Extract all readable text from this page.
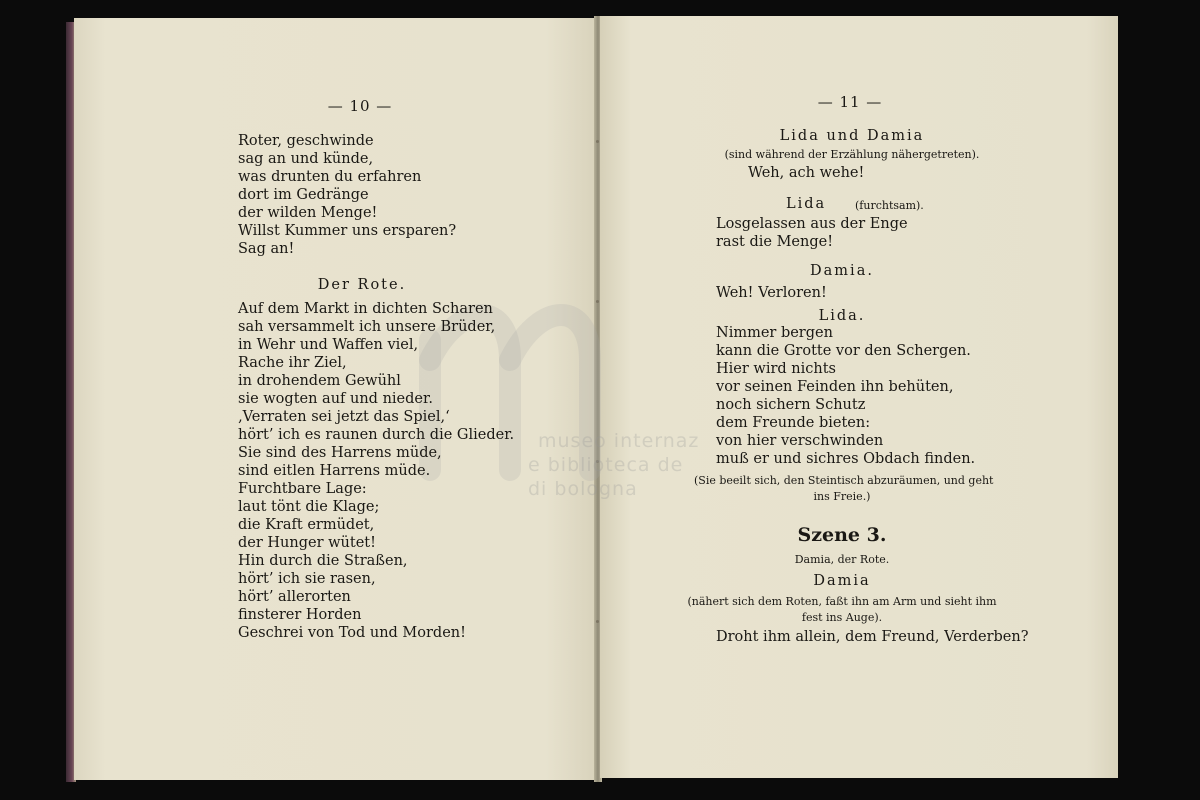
museo internaz
e biblioteca de
di bologna
— 10 —
Roter, geschwinde
sag an und künde,
was drunten du erfahren
dort im Gedränge
der wilden Menge!
Willst Kummer uns ersparen?
Sag an!
Der Rote.
Auf dem Markt in dichten Scharen
sah versammelt ich unsere Brüder,
in Wehr und Waffen viel,
Rache ihr Ziel,
in drohendem Gewühl
sie wogten auf und nieder.
‚Verraten sei jetzt das Spiel,‘
hört’ ich es raunen durch die Glieder.
Sie sind des Harrens müde,
sind eitlen Harrens müde.
Furchtbare Lage:
laut tönt die Klage;
die Kraft ermüdet,
der Hunger wütet!
Hin durch die Straßen,
hört’ ich sie rasen,
hört’ allerorten
finsterer Horden
Geschrei von Tod und Morden!
— 11 —
Lida und Damia
(sind während der Erzählung nähergetreten).
Weh, ach wehe!
Lida	(furchtsam).
Losgelassen aus der Enge
rast die Menge!
Damia.
Weh! Verloren!
Lida.
Nimmer bergen
kann die Grotte vor den Schergen.
Hier wird nichts
vor seinen Feinden ihn behüten,
noch sichern Schutz
dem Freunde bieten:
von hier verschwinden
muß er und sichres Obdach finden.
(Sie beeilt sich, den Steintisch abzuräumen, und geht
ins Freie.)
Szene 3.
Damia, der Rote.
Damia
(nähert sich dem Roten, faßt ihn am Arm und sieht ihm
fest ins Auge).
Droht ihm allein, dem Freund, Verderben?
